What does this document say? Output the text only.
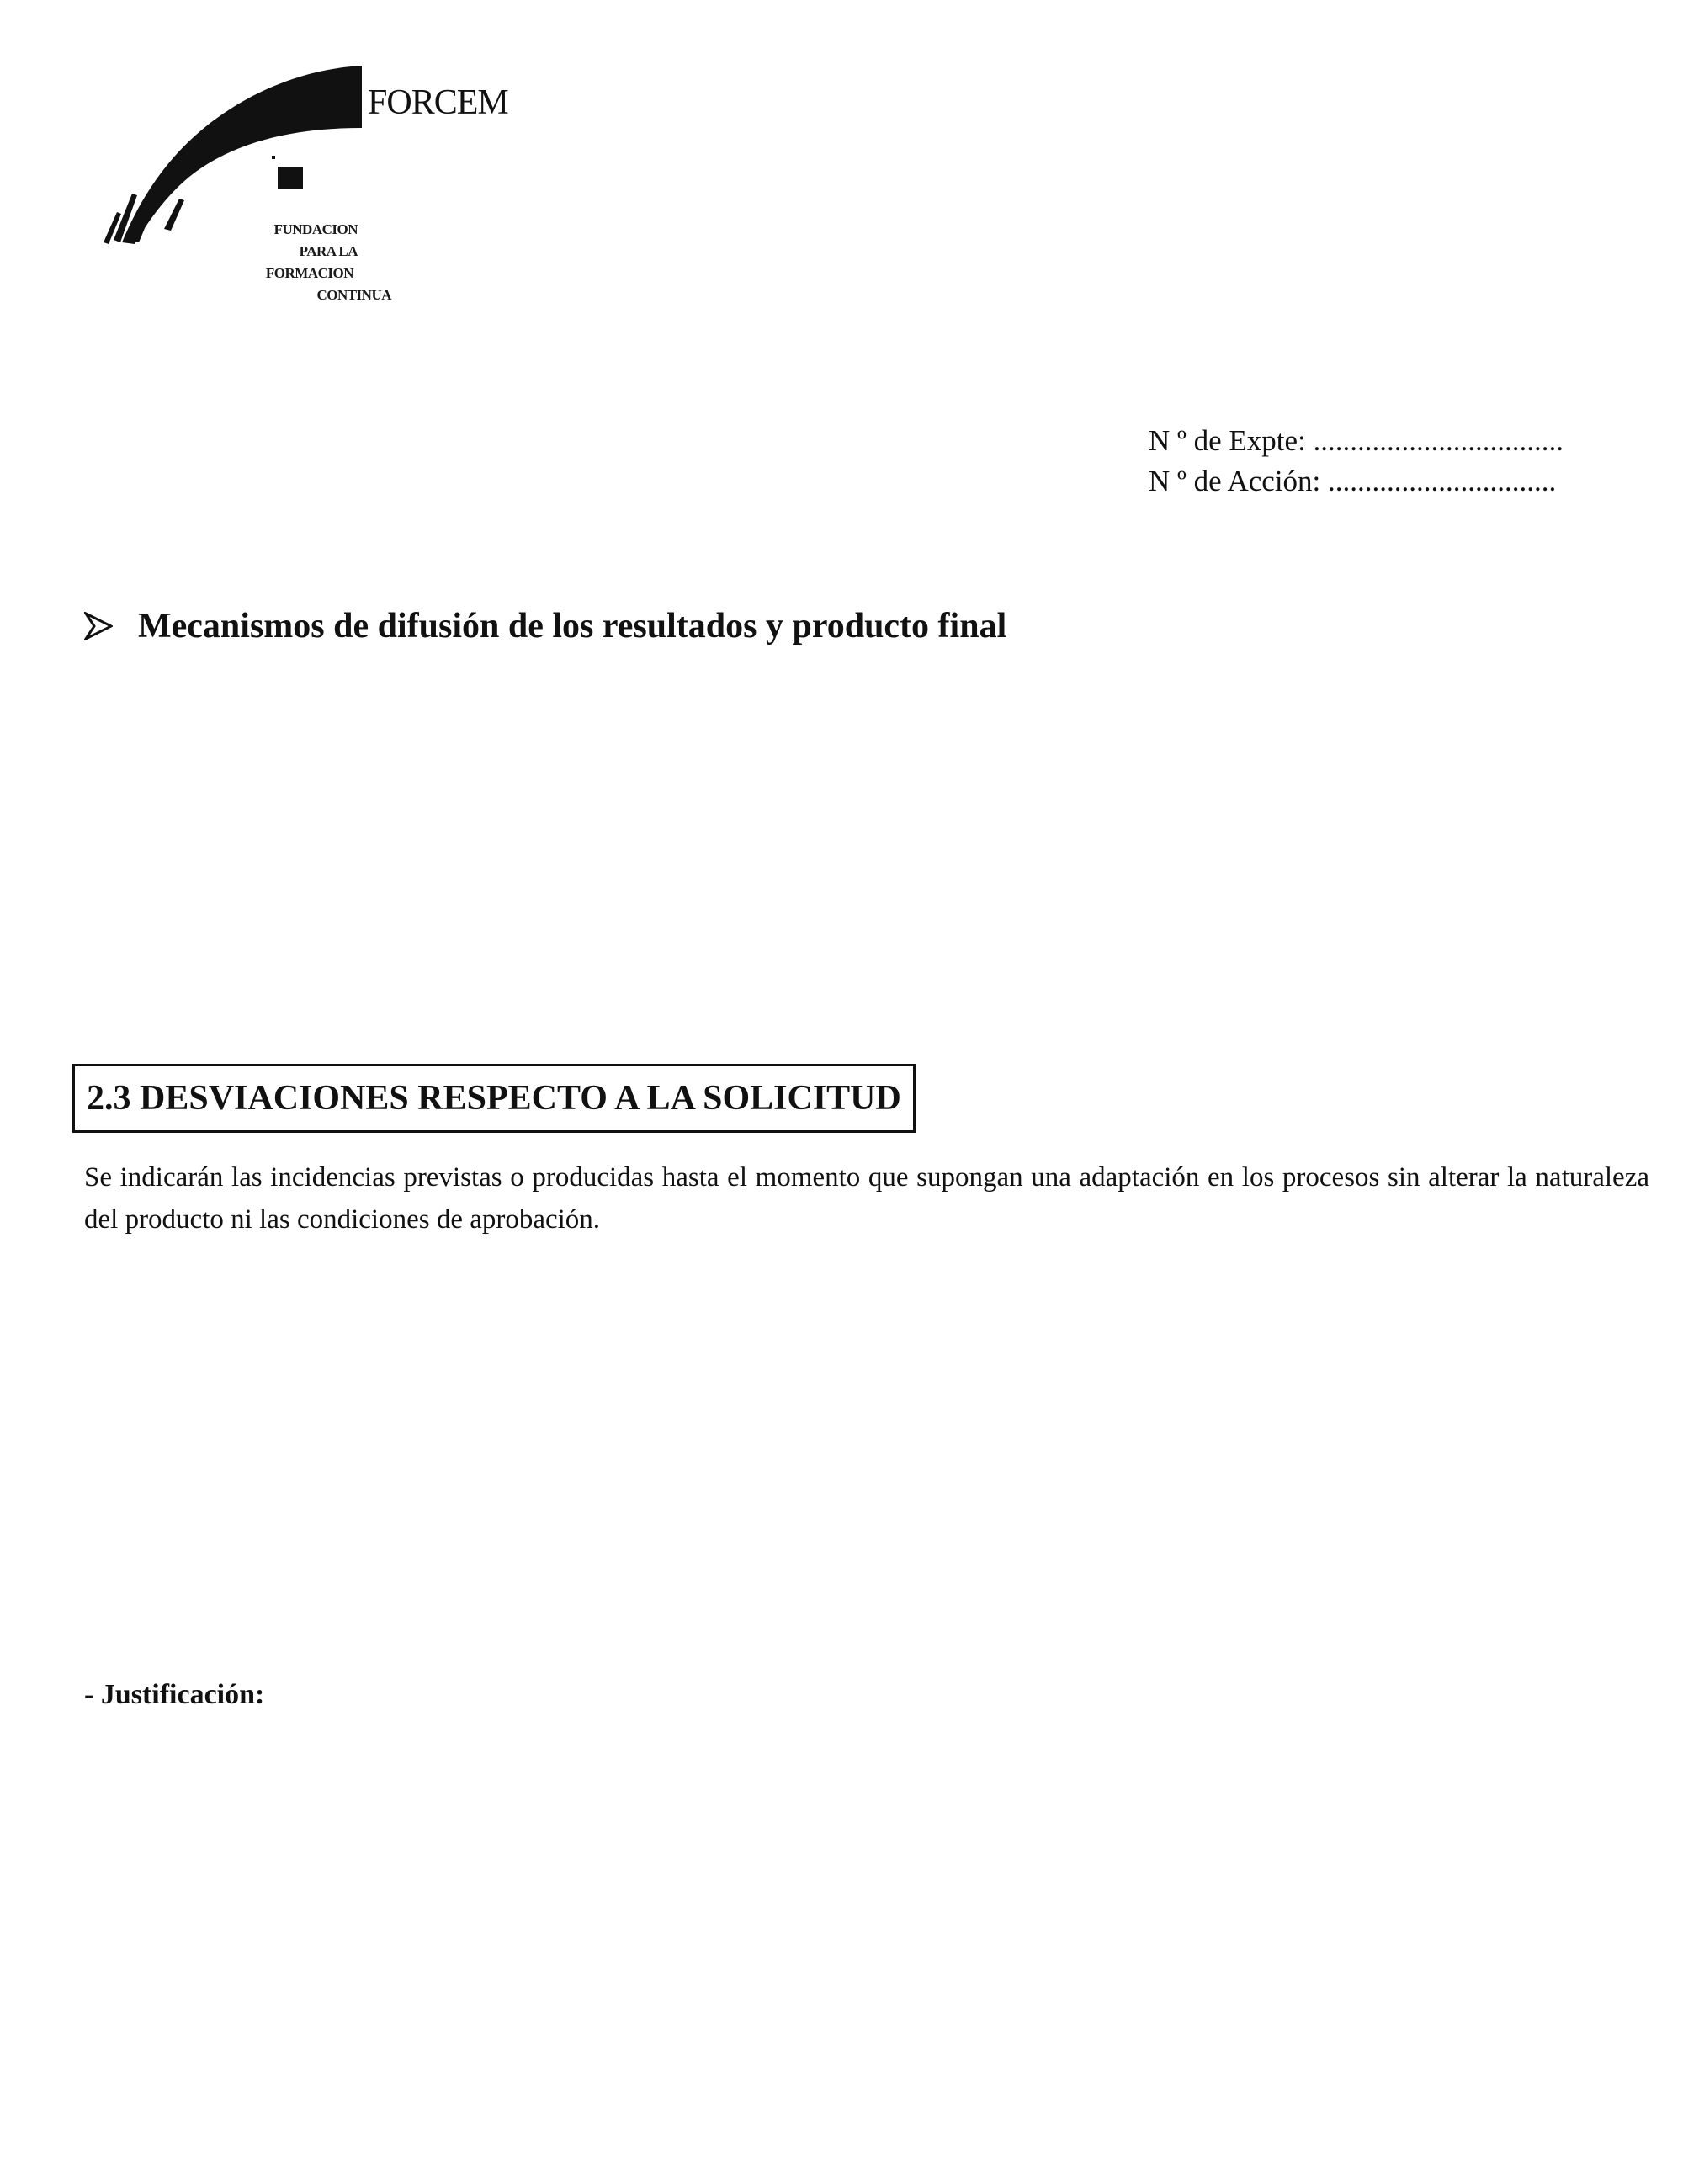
FORCEM
FUNDACION
PARA LA
FORMACION
CONTINUA
N º de Expte: ..................................
N º de Acción: ...............................
Mecanismos de difusión de los resultados y producto final
2.3 DESVIACIONES RESPECTO A LA SOLICITUD
Se indicarán las incidencias previstas o producidas hasta el momento que supongan una adaptación en los procesos sin alterar la naturaleza del producto ni las condiciones de aprobación.
- Justificación:
